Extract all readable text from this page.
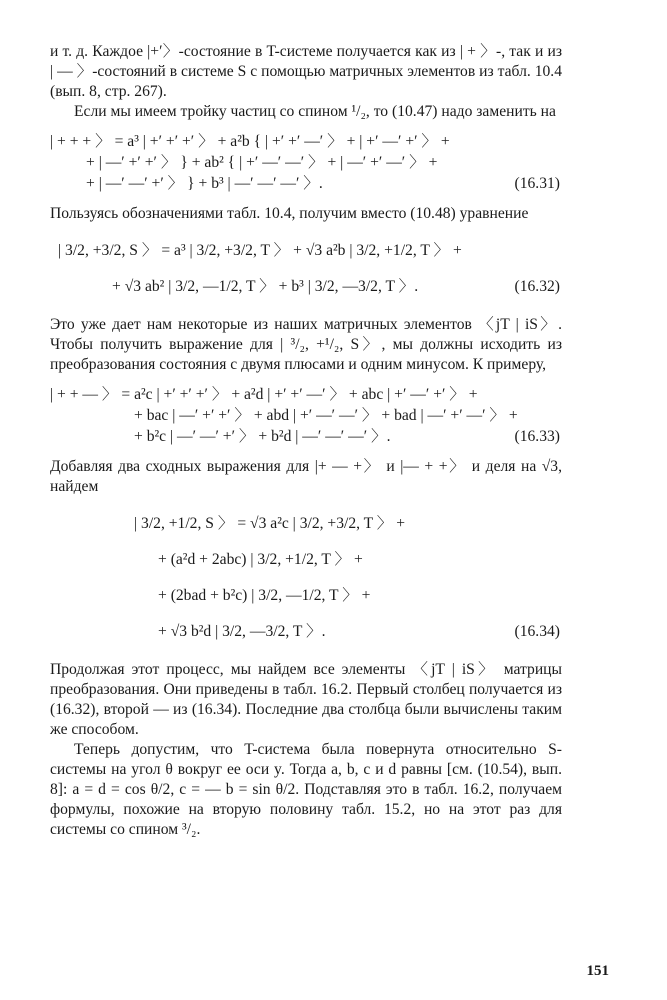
и т. д. Каждое |+′〉-состояние в T-системе получается как из | + 〉-, так и из | — 〉-состояний в системе S с помощью матричных элементов из табл. 10.4 (вып. 8, стр. 267).

Если мы имеем тройку частиц со спином ¹/₂, то (10.47) надо заменить на

| + + + 〉 = a³ | +′ +′ +′ 〉 + a²b { | +′ +′ —′ 〉 + | +′ —′ +′ 〉 +
+ | —′ +′ +′ 〉 } + ab² { | +′ —′ —′ 〉 + | —′ +′ —′ 〉 +
+ | —′ —′ +′ 〉 } + b³ | —′ —′ —′ 〉.	(16.31)

Пользуясь обозначениями табл. 10.4, получим вместо (10.48) уравнение

| 3/2, +3/2, S 〉 = a³ | 3/2, +3/2, T 〉 + √3 a²b | 3/2, +1/2, T 〉 +
+ √3 ab² | 3/2, —1/2, T 〉 + b³ | 3/2, —3/2, T 〉.	(16.32)

Это уже дает нам некоторые из наших матричных элементов 〈jT | iS〉. Чтобы получить выражение для | ³/₂, +¹/₂, S〉, мы должны исходить из преобразования состояния с двумя плюсами и одним минусом. К примеру,

| + + — 〉 = a²c | +′ +′ +′ 〉 + a²d | +′ +′ —′ 〉 + abc | +′ —′ +′ 〉 +
+ bac | —′ +′ +′ 〉 + abd | +′ —′ —′ 〉 + bad | —′ +′ —′ 〉 +
+ b²c | —′ —′ +′ 〉 + b²d | —′ —′ —′ 〉.	(16.33)

Добавляя два сходных выражения для |+ — +〉 и |— + +〉 и деля на √3, найдем

| 3/2, +1/2, S 〉 = √3 a²c | 3/2, +3/2, T 〉 +
+ (a²d + 2abc) | 3/2, +1/2, T 〉 +
+ (2bad + b²c) | 3/2, —1/2, T 〉 +
+ √3 b²d | 3/2, —3/2, T 〉.	(16.34)

Продолжая этот процесс, мы найдем все элементы 〈jT | iS〉 матрицы преобразования. Они приведены в табл. 16.2. Первый столбец получается из (16.32), второй — из (16.34). Последние два столбца были вычислены таким же способом.

Теперь допустим, что T-система была повернута относительно S-системы на угол θ вокруг ее оси y. Тогда a, b, c и d равны [см. (10.54), вып. 8]: a = d = cos θ/2, c = — b = sin θ/2. Подставляя это в табл. 16.2, получаем формулы, похожие на вторую половину табл. 15.2, но на этот раз для системы со спином ³/₂.

151
